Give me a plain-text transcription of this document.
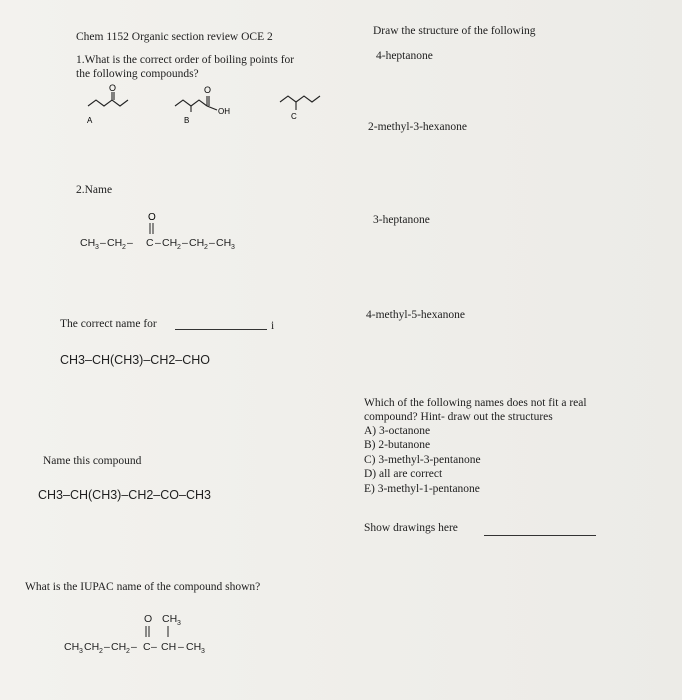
Chem 1152 Organic section review OCE 2
1.What is the correct order of boiling points for
the following compounds?
O
A
O
OH
B	C
2.Name
O
CH 3 – CH 2 – C – CH 2 – CH 2 – CH 3
The correct name for	i
CH3–CH(CH3)–CH2–CHO
Name this compound
CH3–CH(CH3)–CH2–CO–CH3
What is the IUPAC name of the compound shown?
O CH 3
CH 3 CH 2 – CH 2 – C – CH – CH 3
Draw the structure of the following
4-heptanone
2-methyl-3-hexanone
3-heptanone
4-methyl-5-hexanone
Which of the following names does not fit a real
compound? Hint- draw out the structures
A) 3-octanone
B) 2-butanone
C) 3-methyl-3-pentanone
D) all are correct
E) 3-methyl-1-pentanone
Show drawings here
